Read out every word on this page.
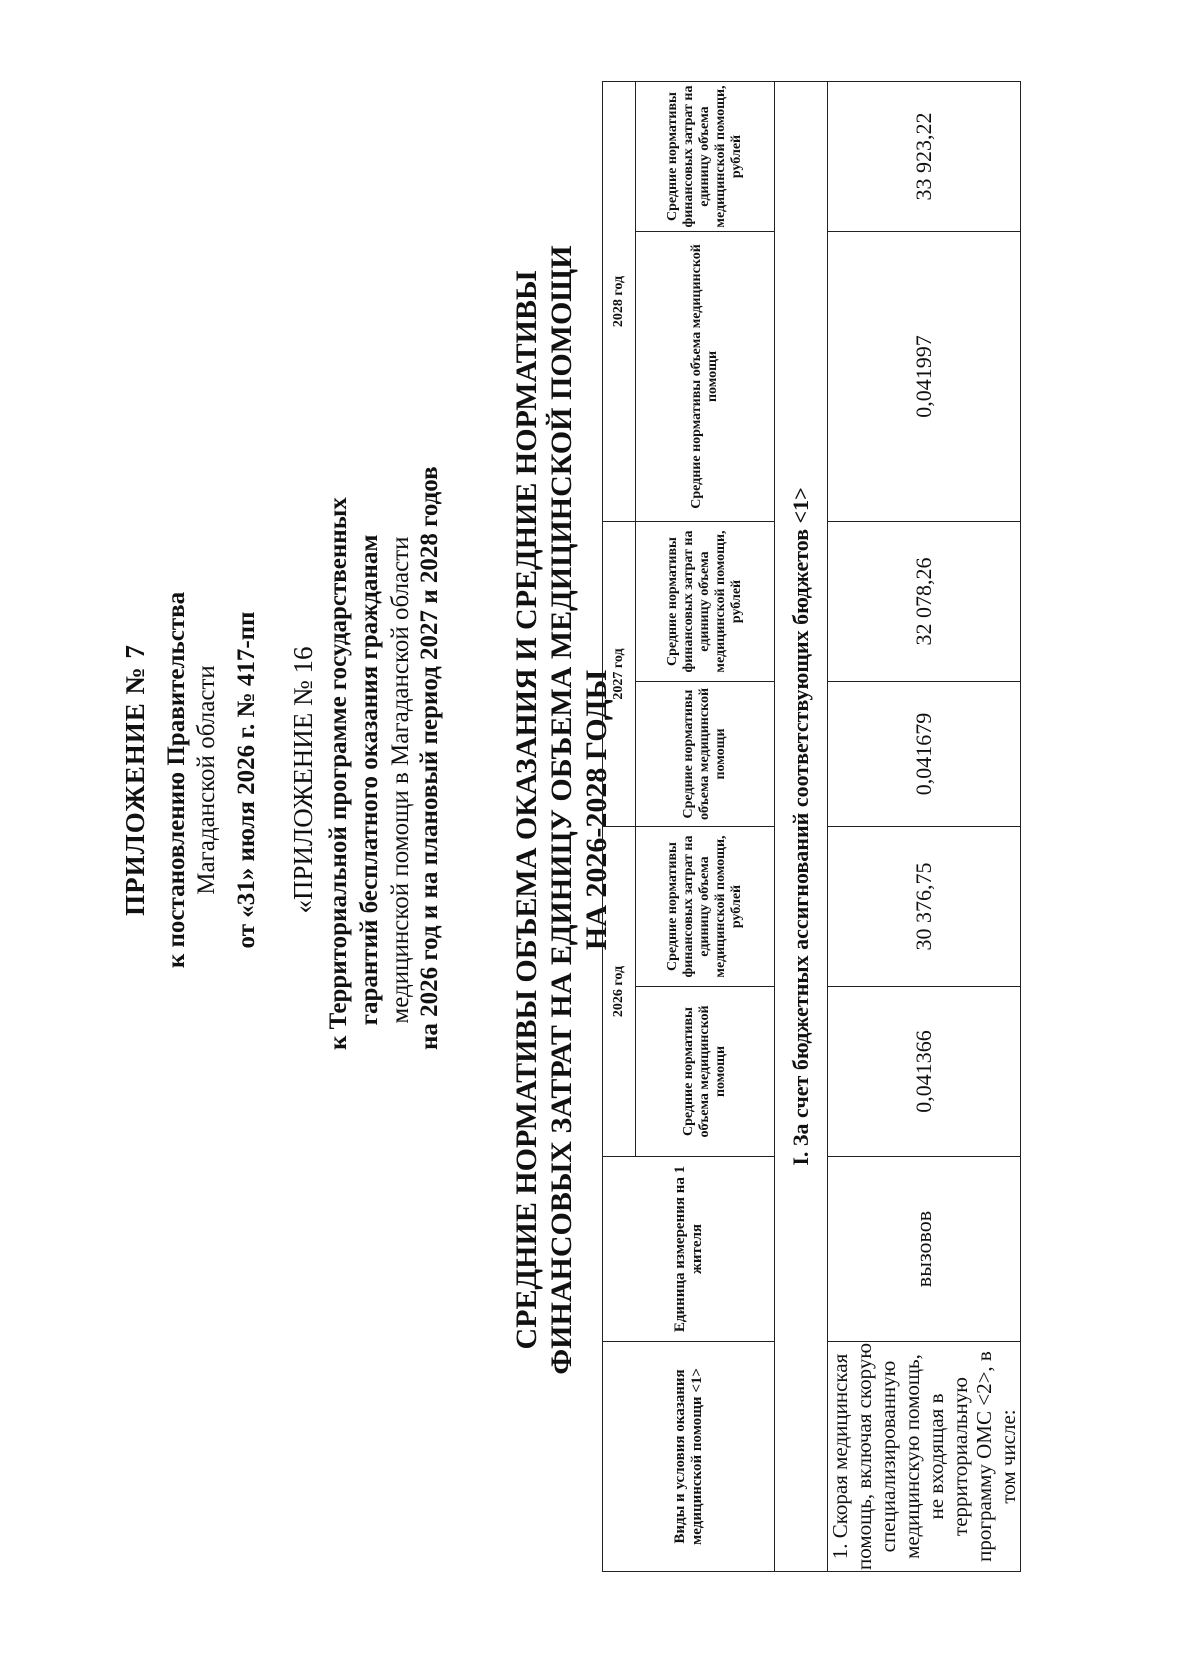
ПРИЛОЖЕНИЕ № 7 к постановлению Правительства Магаданской области от «31» июля 2026 г. № 417-пп «ПРИЛОЖЕНИЕ № 16 к Территориальной программе государственных гарантий бесплатного оказания гражданам медицинской помощи в Магаданской области на 2026 год и на плановый период 2027 и 2028 годов СРЕДНИЕ НОРМАТИВЫ ОБЪЕМА ОКАЗАНИЯ И СРЕДНИЕ НОРМАТИВЫ ФИНАНСОВЫХ ЗАТРАТ НА ЕДИНИЦУ ОБЪЕМА МЕДИЦИНСКОЙ ПОМОЩИ НА 2026-2028 ГОДЫ
Виды и условия оказания медицинской помощи <1>	Единица измерения на 1 жителя	2026 год		2027 год		2028 год	
		Средние нормативы объема медицинской помощи	Средние нормативы финансовых затрат на единицу объема медицинской помощи, рублей	Средние нормативы объема медицинской помощи	Средние нормативы финансовых затрат на единицу объема медицинской помощи, рублей	Средние нормативы объема медицинской помощи	Средние нормативы финансовых затрат на единицу объема медицинской помощи, рублей
I. За счет бюджетных ассигнований соответствующих бюджетов <1>							
1. Скорая медицинская помощь, включая скорую специализированную медицинскую помощь, не входящая в территориальную программу ОМС <2>, в том числе:	вызовов	0,041366	30 376,75	0,041679	32 078,26	0,041997	33 923,22
